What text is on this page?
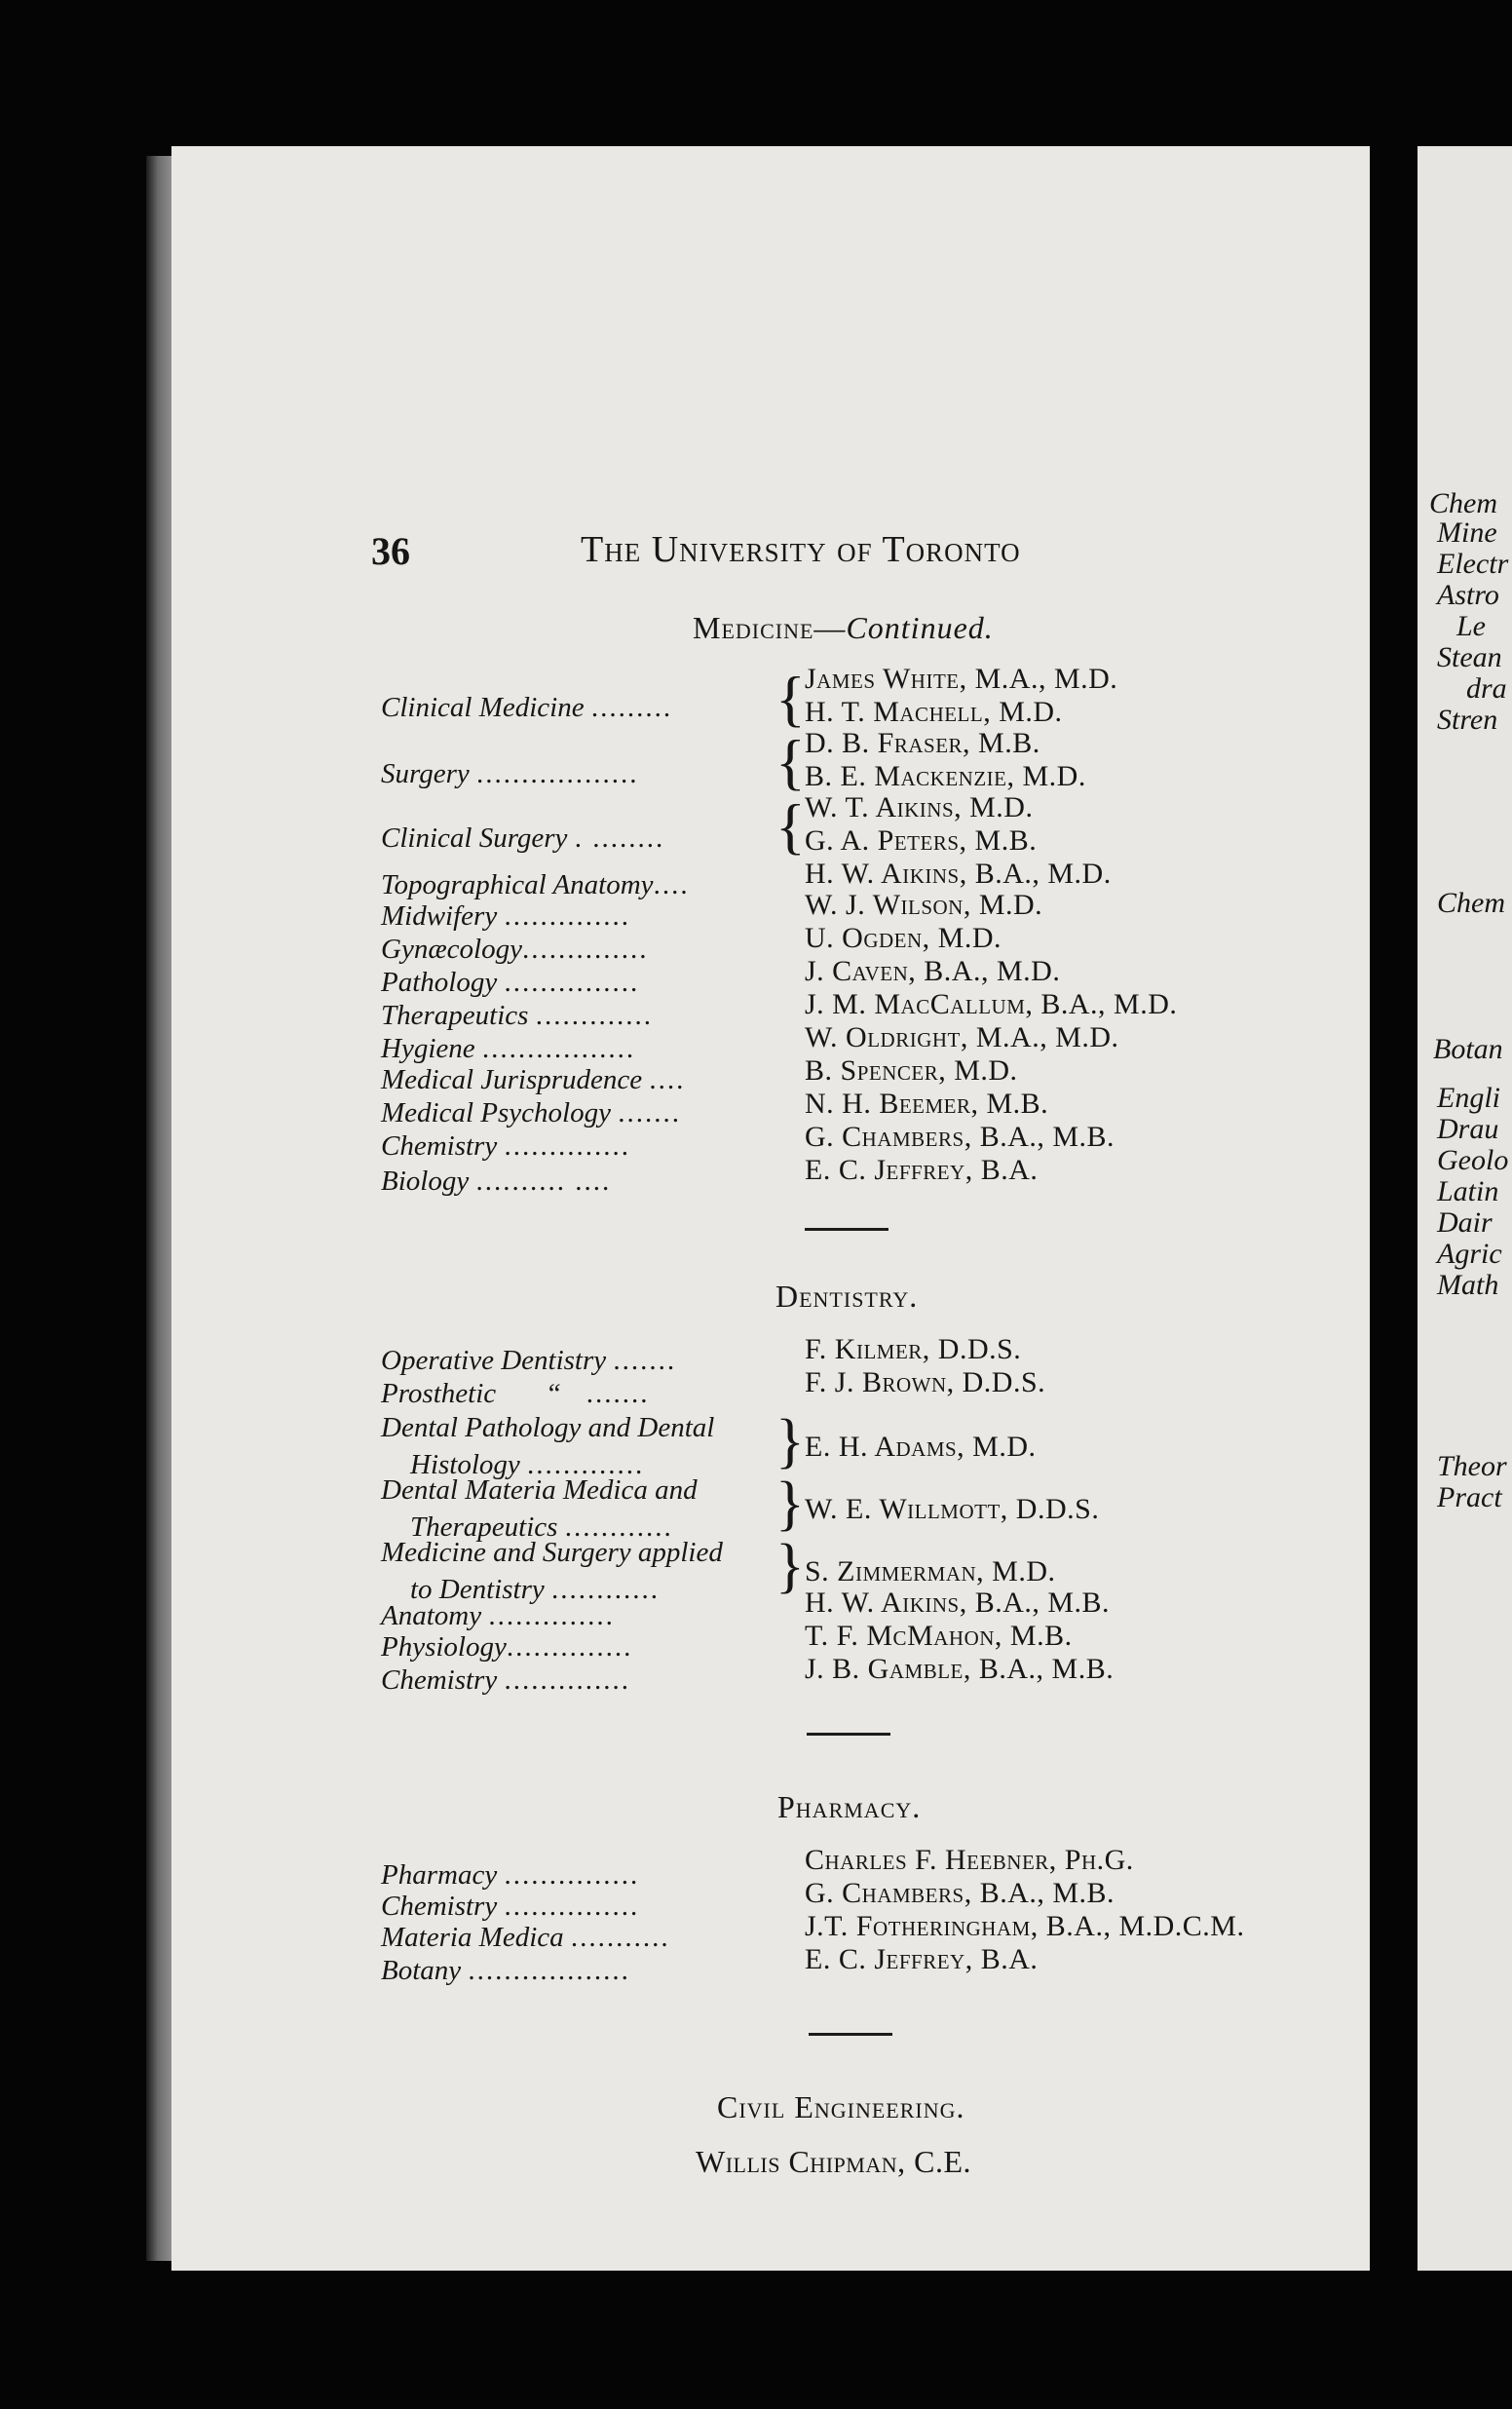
36	The University of Toronto
Medicine—Continued.
Clinical Medicine ......... { James White, M.A., M.D.
H. T. Machell, M.D.
Surgery .................. { D. B. Fraser, M.B.
B. E. Mackenzie, M.D.
Clinical Surgery . ........ { W. T. Aikins, M.D.
G. A. Peters, M.B.
Topographical Anatomy....	H. W. Aikins, B.A., M.D.
Midwifery ..............	W. J. Wilson, M.D.
Gynæcology..............	U. Ogden, M.D.
Pathology ...............	J. Caven, B.A., M.D.
Therapeutics .............	J. M. MacCallum, B.A., M.D.
Hygiene .................	W. Oldright, M.A., M.D.
Medical Jurisprudence ....	B. Spencer, M.D.
Medical Psychology .......	N. H. Beemer, M.B.
Chemistry ..............	G. Chambers, B.A., M.B.
Biology .......... ....	E. C. Jeffrey, B.A.
Dentistry.
Operative Dentistry .......	F. Kilmer, D.D.S.
Prosthetic       “   .......	F. J. Brown, D.D.S.
Dental Pathology and Dental
Histology .............	} E. H. Adams, M.D.
Dental Materia Medica and
Therapeutics ............	} W. E. Willmott, D.D.S.
Medicine and Surgery applied
to Dentistry ............	} S. Zimmerman, M.D.
Anatomy ..............	H. W. Aikins, B.A., M.B.
Physiology..............	T. F. McMahon, M.B.
Chemistry ..............	J. B. Gamble, B.A., M.B.
Pharmacy.
Pharmacy ...............	Charles F. Heebner, Ph.G.
Chemistry ...............	G. Chambers, B.A., M.B.
Materia Medica ...........	J.T. Fotheringham, B.A., M.D.C.M.
Botany ..................	E. C. Jeffrey, B.A.
Civil Engineering.
Willis Chipman, C.E.
Chem
Mine
Electr
Astro
Le
Stean
dra
Stren
Chem
Botan
Engli
Drau
Geolo
Latin
Dair
Agric
Math
Theor
Pract
